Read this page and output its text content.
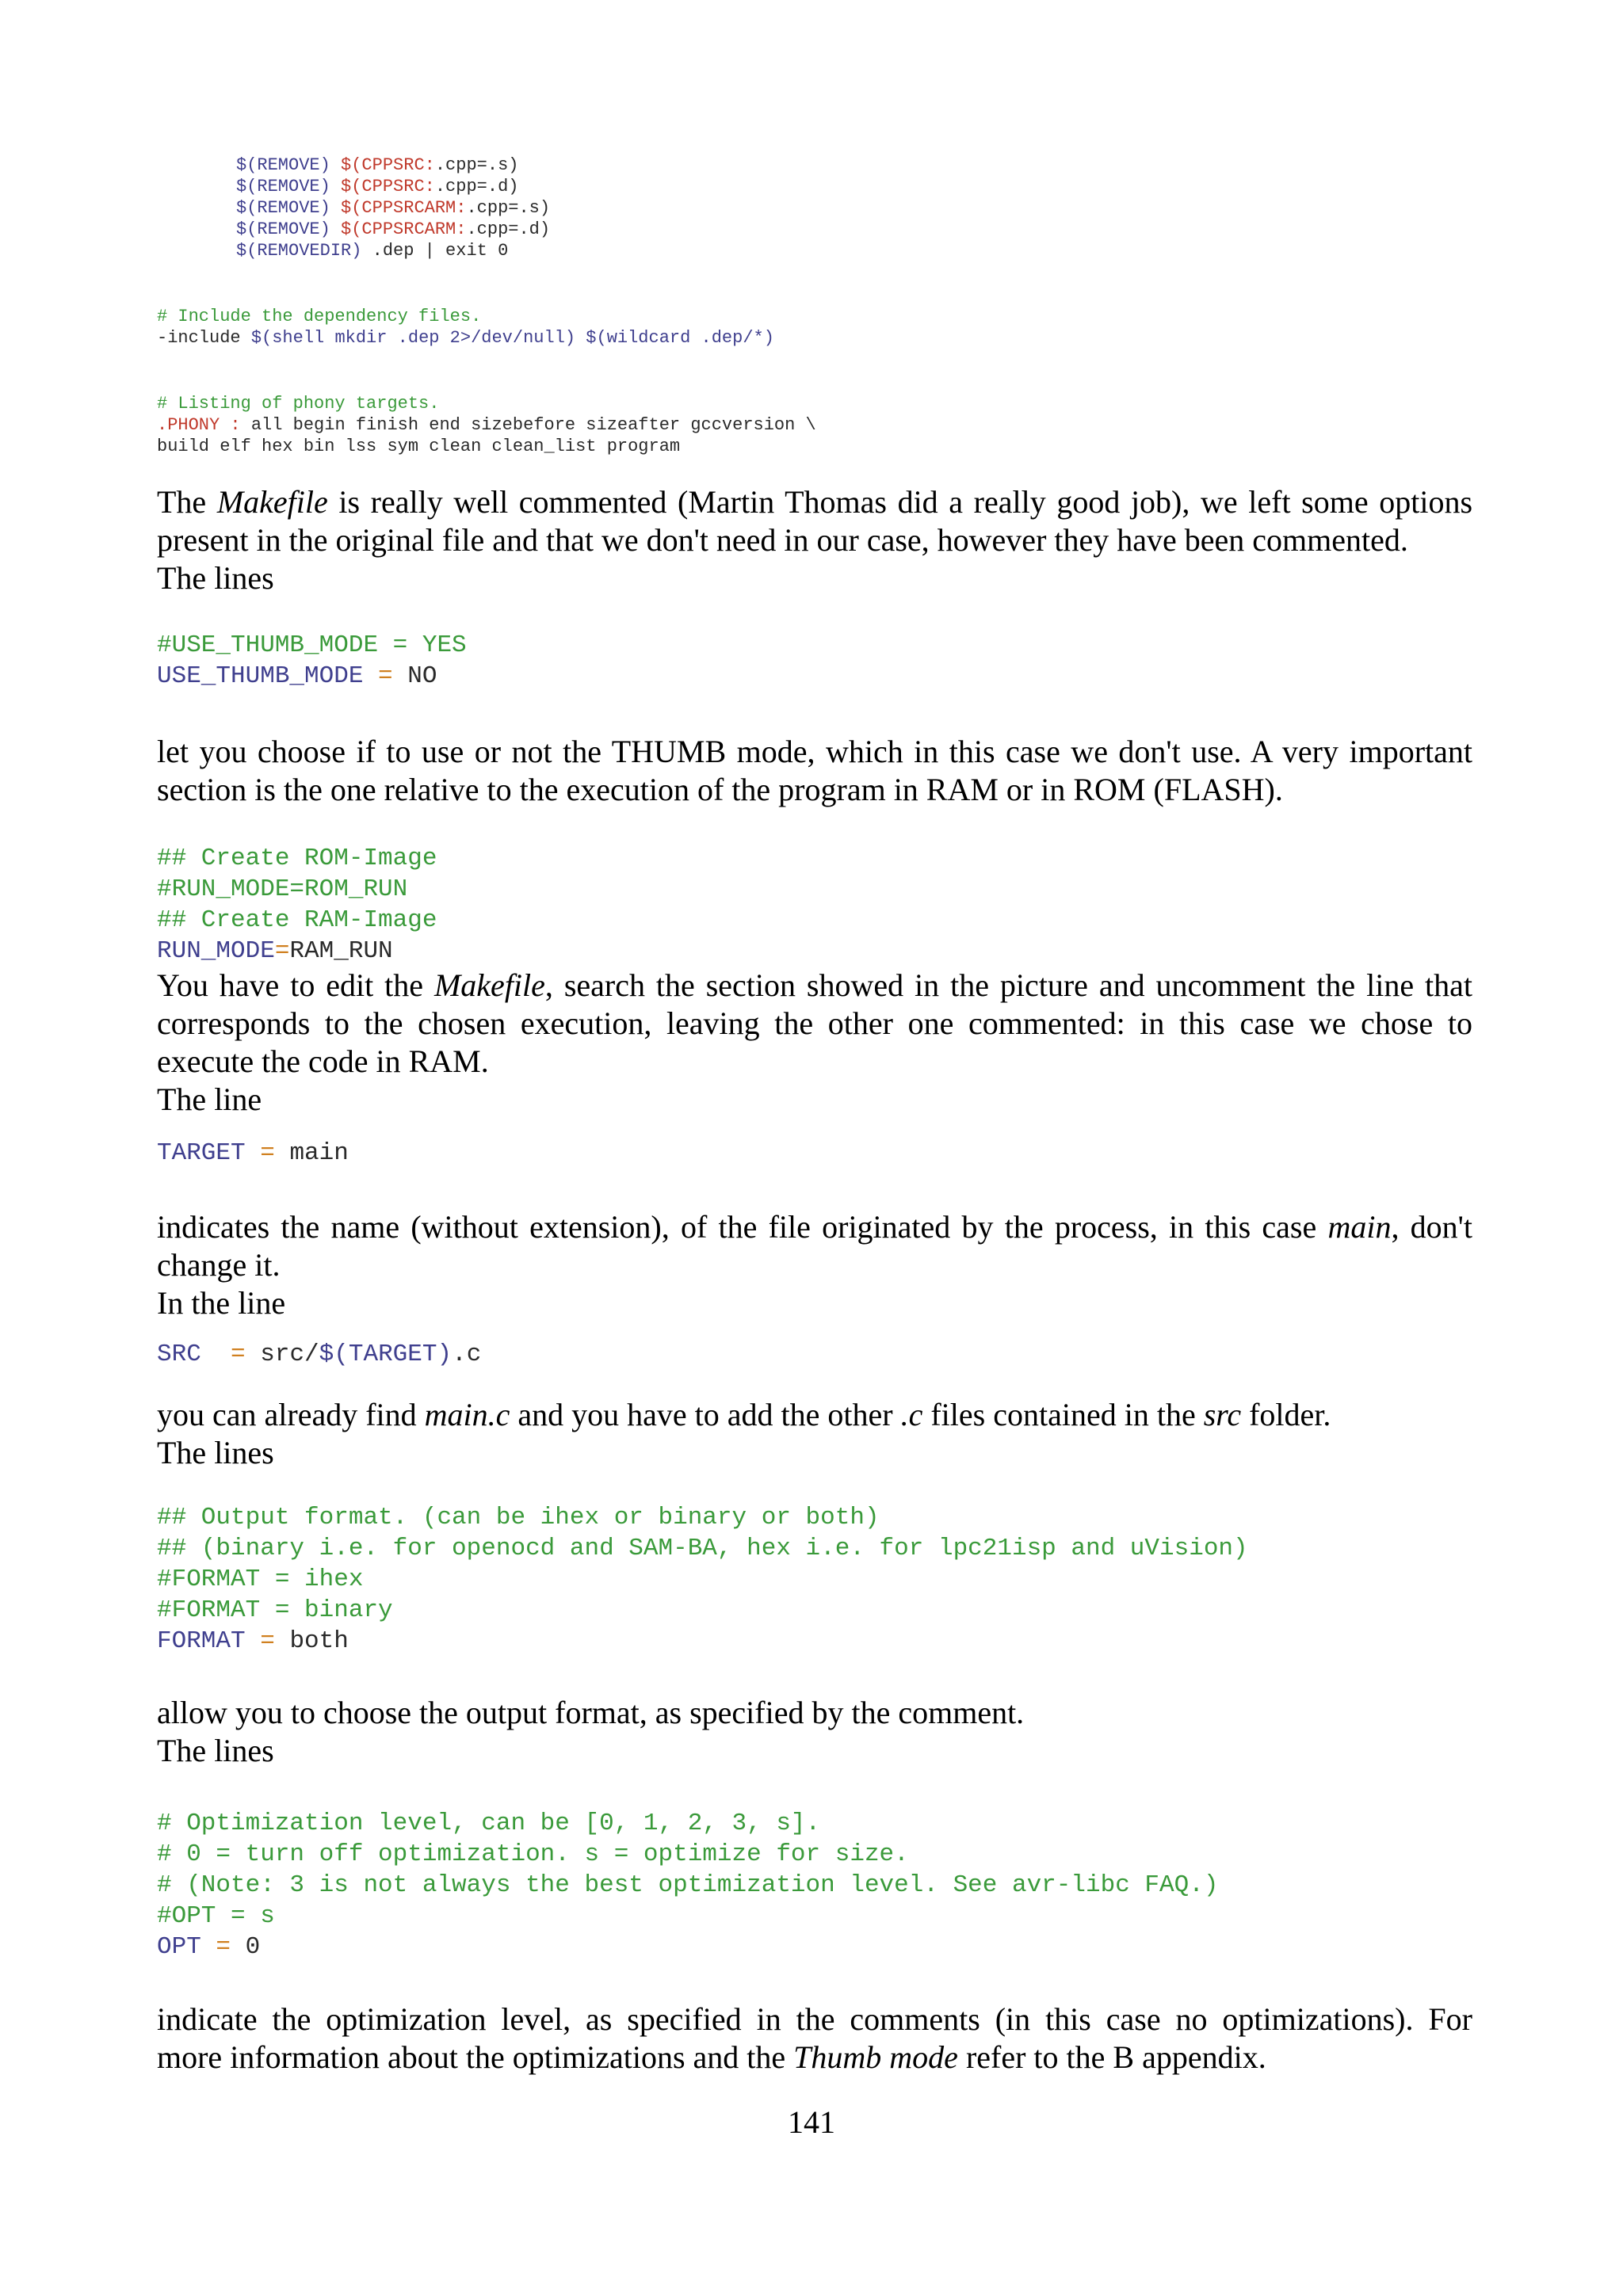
$(REMOVE) $(CPPSRC:.cpp=.s)
$(REMOVE) $(CPPSRC:.cpp=.d)
$(REMOVE) $(CPPSRCARM:.cpp=.s)
$(REMOVE) $(CPPSRCARM:.cpp=.d)
$(REMOVEDIR) .dep | exit 0
# Include the dependency files.
-include $(shell mkdir .dep 2>/dev/null) $(wildcard .dep/*)
# Listing of phony targets.
.PHONY : all begin finish end sizebefore sizeafter gccversion \
build elf hex bin lss sym clean clean_list program
The Makefile is really well commented (Martin Thomas did a really good job), we left some options
present in the original file and that we don't need in our case, however they have been commented.
The lines
#USE_THUMB_MODE = YES
USE_THUMB_MODE = NO
let you choose if to use or not the THUMB mode, which in this case we don't use. A very important
section is the one relative to the execution of the program in RAM or in ROM (FLASH).
## Create ROM-Image
#RUN_MODE=ROM_RUN
## Create RAM-Image
RUN_MODE=RAM_RUN
You have to edit the Makefile, search the section showed in the picture and uncomment the line that
corresponds to the chosen execution, leaving the other one commented: in this case we chose to
execute the code in RAM.
The line
TARGET = main
indicates the name (without extension), of the file originated by the process, in this case main, don't
change it.
In the line
SRC  = src/$(TARGET).c
you can already find main.c and you have to add the other .c files contained in the src folder.
The lines
## Output format. (can be ihex or binary or both)
## (binary i.e. for openocd and SAM-BA, hex i.e. for lpc21isp and uVision)
#FORMAT = ihex
#FORMAT = binary
FORMAT = both
allow you to choose the output format, as specified by the comment.
The lines
# Optimization level, can be [0, 1, 2, 3, s].
# 0 = turn off optimization. s = optimize for size.
# (Note: 3 is not always the best optimization level. See avr-libc FAQ.)
#OPT = s
OPT = 0
indicate the optimization level, as specified in the comments (in this case no optimizations). For
more information about the optimizations and the Thumb mode refer to the B appendix.
141
